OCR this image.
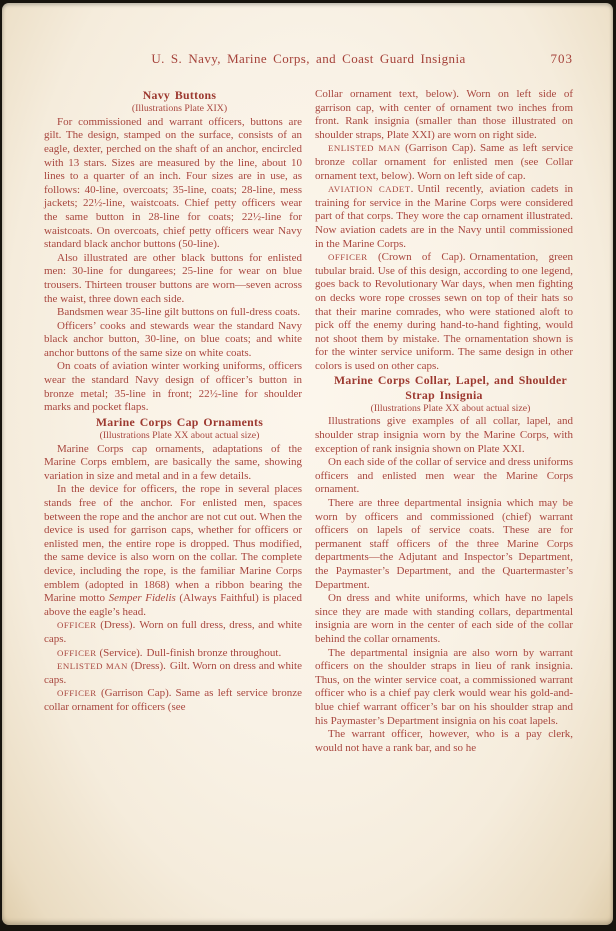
U. S. Navy, Marine Corps, and Coast Guard Insignia	703

Navy Buttons

(Illustrations Plate XIX)

For commissioned and warrant officers, buttons are gilt. The design, stamped on the surface, consists of an eagle, dexter, perched on the shaft of an anchor, encircled with 13 stars. Sizes are measured by the line, about 10 lines to a quarter of an inch. Four sizes are in use, as follows: 40-line, overcoats; 35-line, coats; 28-line, mess jackets; 22½-line, waistcoats. Chief petty officers wear the same button in 28-line for coats; 22½-line for waistcoats. On overcoats, chief petty officers wear Navy standard black anchor buttons (50-line).

Also illustrated are other black buttons for enlisted men: 30-line for dungarees; 25-line for wear on blue trousers. Thirteen trouser buttons are worn—seven across the waist, three down each side.

Bandsmen wear 35-line gilt buttons on full-dress coats.

Officers’ cooks and stewards wear the standard Navy black anchor button, 30-line, on blue coats; and white anchor buttons of the same size on white coats.

On coats of aviation winter working uniforms, officers wear the standard Navy design of officer’s button in bronze metal; 35-line in front; 22½-line for shoulder marks and pocket flaps.

Marine Corps Cap Ornaments

(Illustrations Plate XX about actual size)

Marine Corps cap ornaments, adaptations of the Marine Corps emblem, are basically the same, showing variation in size and metal and in a few details.

In the device for officers, the rope in several places stands free of the anchor. For enlisted men, spaces between the rope and the anchor are not cut out. When the device is used for garrison caps, whether for officers or enlisted men, the entire rope is dropped. Thus modified, the same device is also worn on the collar. The complete device, including the rope, is the familiar Marine Corps emblem (adopted in 1868) when a ribbon bearing the Marine motto Semper Fidelis (Always Faithful) is placed above the eagle’s head.

OFFICER (Dress). Worn on full dress, dress, and white caps.

OFFICER (Service). Dull-finish bronze throughout.

ENLISTED MAN (Dress). Gilt. Worn on dress and white caps.

OFFICER (Garrison Cap). Same as left service bronze collar ornament for officers (see

Collar ornament text, below). Worn on left side of garrison cap, with center of ornament two inches from front. Rank insignia (smaller than those illustrated on shoulder straps, Plate XXI) are worn on right side.

ENLISTED MAN (Garrison Cap). Same as left service bronze collar ornament for enlisted men (see Collar ornament text, below). Worn on left side of cap.

AVIATION CADET. Until recently, aviation cadets in training for service in the Marine Corps were considered part of that corps. They wore the cap ornament illustrated. Now aviation cadets are in the Navy until commissioned in the Marine Corps.

OFFICER (Crown of Cap). Ornamentation, green tubular braid. Use of this design, according to one legend, goes back to Revolutionary War days, when men fighting on decks wore rope crosses sewn on top of their hats so that their marine comrades, who were stationed aloft to pick off the enemy during hand-to-hand fighting, would not shoot them by mistake. The ornamentation shown is for the winter service uniform. The same design in other colors is used on other caps.

Marine Corps Collar, Lapel, and Shoulder Strap Insignia

(Illustrations Plate XX about actual size)

Illustrations give examples of all collar, lapel, and shoulder strap insignia worn by the Marine Corps, with exception of rank insignia shown on Plate XXI.

On each side of the collar of service and dress uniforms officers and enlisted men wear the Marine Corps ornament.

There are three departmental insignia which may be worn by officers and commissioned (chief) warrant officers on lapels of service coats. These are for permanent staff officers of the three Marine Corps departments—the Adjutant and Inspector’s Department, the Paymaster’s Department, and the Quartermaster’s Department.

On dress and white uniforms, which have no lapels since they are made with standing collars, departmental insignia are worn in the center of each side of the collar behind the collar ornaments.

The departmental insignia are also worn by warrant officers on the shoulder straps in lieu of rank insignia. Thus, on the winter service coat, a commissioned warrant officer who is a chief pay clerk would wear his gold-and-blue chief warrant officer’s bar on his shoulder strap and his Paymaster’s Department insignia on his coat lapels.

The warrant officer, however, who is a pay clerk, would not have a rank bar, and so he
